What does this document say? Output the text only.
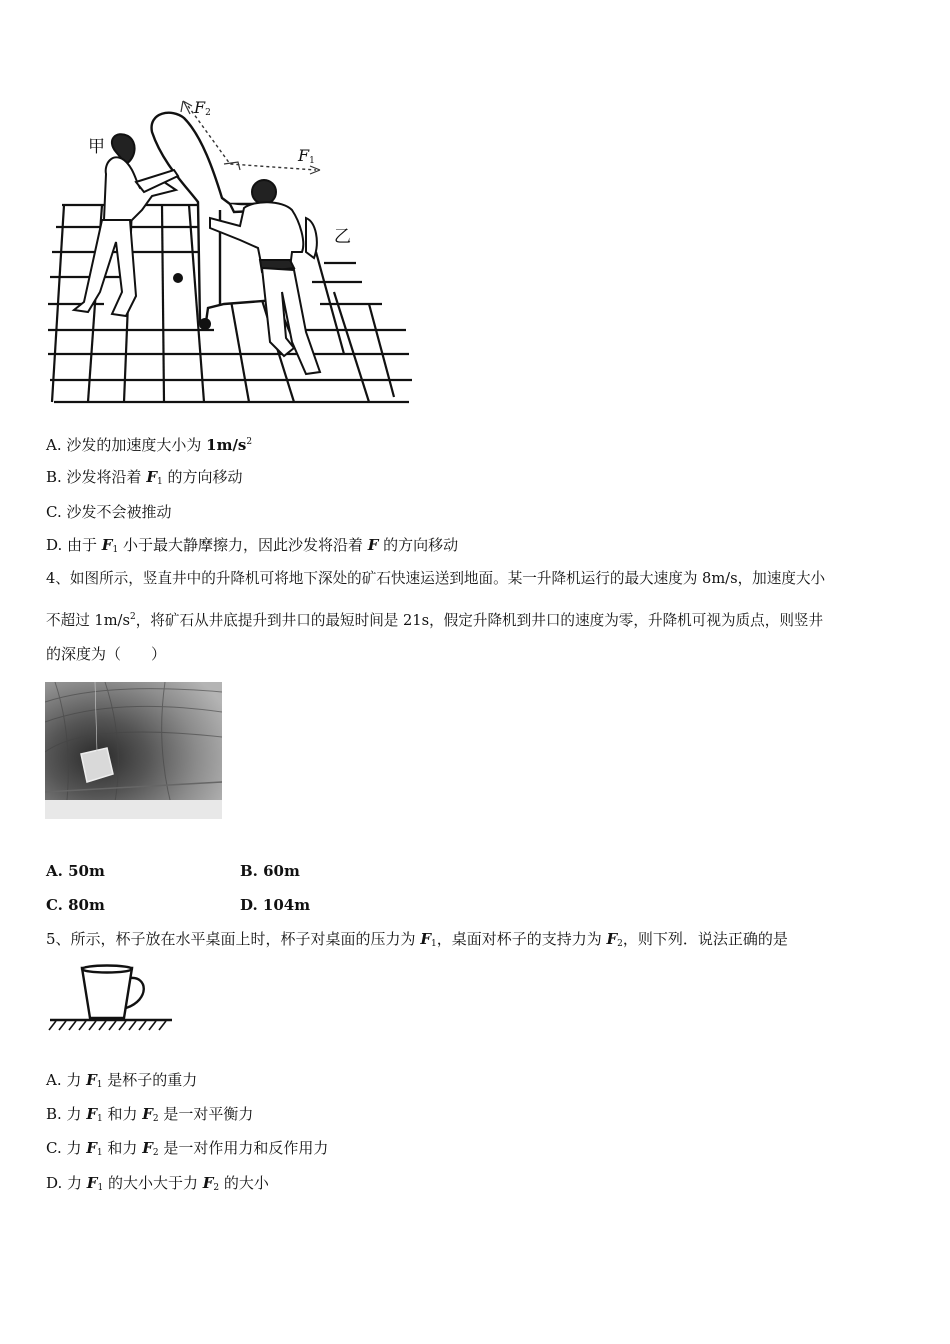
甲
乙
$F_2$
$F_1$
A. 沙发的加速度大小为 $1m/s^2$
B. 沙发将沿着 $F_1$ 的方向移动
C. 沙发不会被推动
D. 由于 $F_1$ 小于最大静摩擦力，因此沙发将沿着 F 的方向移动
4、如图所示，竖直井中的升降机可将地下深处的矿石快速运送到地面。某一升降机运行的最大速度为 8m/s，加速度大小
不超过 $1m/s^2$，将矿石从井底提升到井口的最短时间是 21s，假定升降机到井口的速度为零，升降机可视为质点，则竖井
的深度为（　　）
A. 50m	B. 60m
C. 80m	D. 104m
5、所示，杯子放在水平桌面上时，杯子对桌面的压力为 $F_1$，桌面对杯子的支持力为 $F_2$，则下列．说法正确的是
A. 力 $F_1$ 是杯子的重力
B. 力 $F_1$ 和力 $F_2$ 是一对平衡力
C. 力 $F_1$ 和力 $F_2$ 是一对作用力和反作用力
D. 力 $F_1$ 的大小大于力 $F_2$ 的大小
